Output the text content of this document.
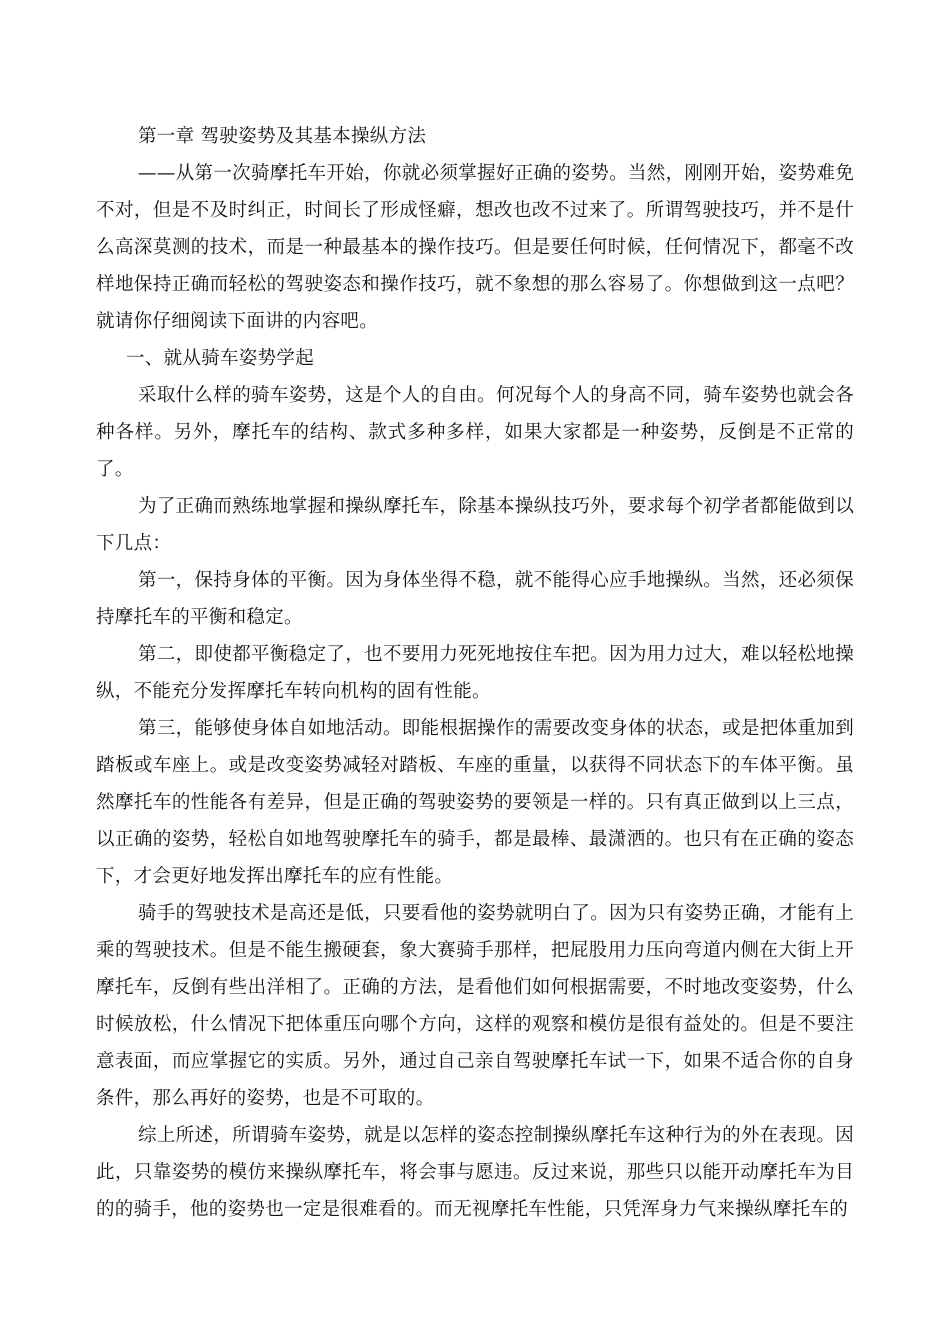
第一章 驾驶姿势及其基本操纵方法

——从第一次骑摩托车开始，你就必须掌握好正确的姿势。当然，刚刚开始，姿势难免不对，但是不及时纠正，时间长了形成怪癖，想改也改不过来了。所谓驾驶技巧，并不是什么高深莫测的技术，而是一种最基本的操作技巧。但是要任何时候，任何情况下，都毫不改样地保持正确而轻松的驾驶姿态和操作技巧，就不象想的那么容易了。你想做到这一点吧？就请你仔细阅读下面讲的内容吧。

一、就从骑车姿势学起

采取什么样的骑车姿势，这是个人的自由。何况每个人的身高不同，骑车姿势也就会各种各样。另外，摩托车的结构、款式多种多样，如果大家都是一种姿势，反倒是不正常的了。

为了正确而熟练地掌握和操纵摩托车，除基本操纵技巧外，要求每个初学者都能做到以下几点：

第一，保持身体的平衡。因为身体坐得不稳，就不能得心应手地操纵。当然，还必须保持摩托车的平衡和稳定。

第二，即使都平衡稳定了，也不要用力死死地按住车把。因为用力过大，难以轻松地操纵，不能充分发挥摩托车转向机构的固有性能。

第三，能够使身体自如地活动。即能根据操作的需要改变身体的状态，或是把体重加到踏板或车座上。或是改变姿势减轻对踏板、车座的重量，以获得不同状态下的车体平衡。虽然摩托车的性能各有差异，但是正确的驾驶姿势的要领是一样的。只有真正做到以上三点，以正确的姿势，轻松自如地驾驶摩托车的骑手，都是最棒、最潇洒的。也只有在正确的姿态下，才会更好地发挥出摩托车的应有性能。

骑手的驾驶技术是高还是低，只要看他的姿势就明白了。因为只有姿势正确，才能有上乘的驾驶技术。但是不能生搬硬套，象大赛骑手那样，把屁股用力压向弯道内侧在大街上开摩托车，反倒有些出洋相了。正确的方法，是看他们如何根据需要，不时地改变姿势，什么时候放松，什么情况下把体重压向哪个方向，这样的观察和模仿是很有益处的。但是不要注意表面，而应掌握它的实质。另外，通过自己亲自驾驶摩托车试一下，如果不适合你的自身条件，那么再好的姿势，也是不可取的。

综上所述，所谓骑车姿势，就是以怎样的姿态控制操纵摩托车这种行为的外在表现。因此，只靠姿势的模仿来操纵摩托车，将会事与愿违。反过来说，那些只以能开动摩托车为目的的骑手，他的姿势也一定是很难看的。而无视摩托车性能，只凭浑身力气来操纵摩托车的
